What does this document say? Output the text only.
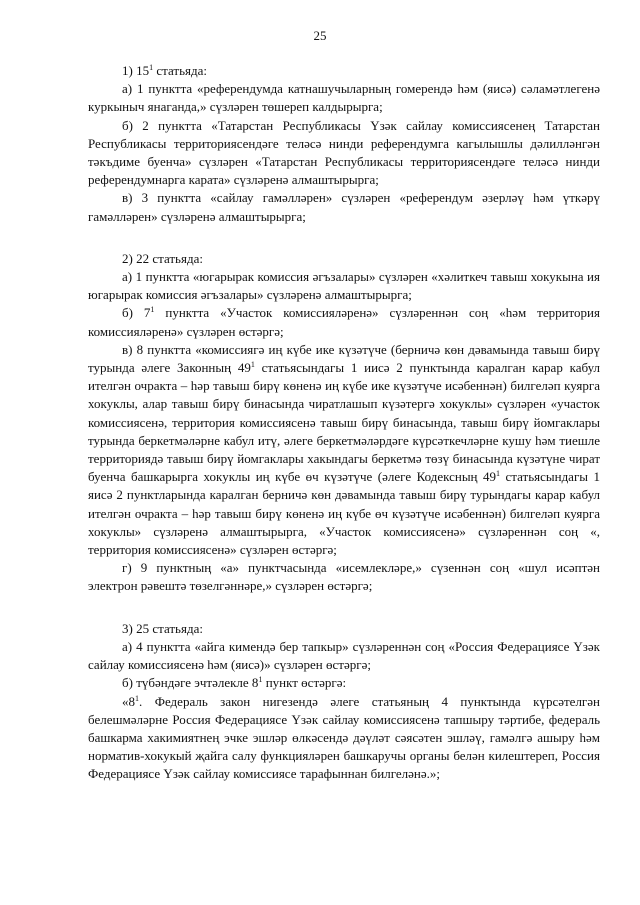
25

1) $15^1$ статьяда:

а) 1 пунктта «референдумда катнашучыларның гомерендә һәм (яисә) сәламәтлегенә куркыныч янаганда,» сүзләрен төшереп калдырырга;

б) 2 пунктта «Татарстан Республикасы Үзәк сайлау комиссиясенең Татарстан Республикасы территориясендәге теләсә нинди референдумга кагылышлы дәлилләнгән тәкъдиме буенча» сүзләрен «Татарстан Республикасы территориясендәге теләсә нинди референдумнарга карата» сүзләренә алмаштырырга;

в) 3 пунктта «сайлау гамәлләрен» сүзләрен «референдум әзерләү һәм үткәрү гамәлләрен» сүзләренә алмаштырырга;

2) 22 статьяда:

а) 1 пунктта «югарырак комиссия әгъзалары» сүзләрен «хәлиткеч тавыш хокукына ия югарырак комиссия әгъзалары» сүзләренә алмаштырырга;

б) $7^1$ пунктта «Участок комиссияләренә» сүзләреннән соң «һәм территория комиссияләренә» сүзләрен өстәргә;

в) 8 пунктта «комиссиягә иң күбе ике күзәтүче (берничә көн дәвамында тавыш бирү турында әлеге Законның $49^1$ статьясындагы 1 иисә 2 пунктында каралган карар кабул ителгән очракта – һәр тавыш бирү көненә иң күбе ике күзәтүче исәбеннән) билгеләп куярга хокуклы, алар тавыш бирү бинасында чиратлашып күзәтергә хокуклы» сүзләрен «участок комиссиясенә, территория комиссиясенә тавыш бирү бинасында, тавыш бирү йомгаклары турында беркетмәләрне кабул итү, әлеге беркетмәләрдәге күрсәткечләрне кушу һәм тиешле территориядә тавыш бирү йомгаклары хакындагы беркетмә төзү бинасында күзәтүне чират буенча башкарырга хокуклы иң күбе өч күзәтүче (әлеге Кодексның $49^1$ статьясындагы 1 яисә 2 пунктларында каралган берничә көн дәвамында тавыш бирү турындагы карар кабул ителгән очракта – һәр тавыш бирү көненә иң күбе өч күзәтүче исәбеннән) билгеләп куярга хокуклы» сүзләренә алмаштырырга, «Участок комиссиясенә» сүзләреннән соң «, территория комиссиясенә» сүзләрен өстәргә;

г) 9 пунктның «а» пунктчасында «исемлекләре,» сүзеннән соң «шул исәптән электрон рәвештә төзелгәннәре,» сүзләрен өстәргә;

3) 25 статьяда:

а) 4 пунктта «айга кимендә бер тапкыр» сүзләреннән соң «Россия Федерациясе Үзәк сайлау комиссиясенә һәм (яисә)» сүзләрен өстәргә;

б) түбәндәге эчтәлекле $8^1$ пункт өстәргә:

«$8^1$. Федераль закон нигезендә әлеге статьяның 4 пунктында күрсәтелгән белешмәләрне Россия Федерациясе Үзәк сайлау комиссиясенә тапшыру тәртибе, федераль башкарма хакимиятнең эчке эшләр өлкәсендә дәүләт сәясәтен эшләү, гамәлгә ашыру һәм норматив-хокукый җайга салу функцияләрен башкаручы органы белән килештереп, Россия Федерациясе Үзәк сайлау комиссиясе тарафыннан билгеләнә.»;
